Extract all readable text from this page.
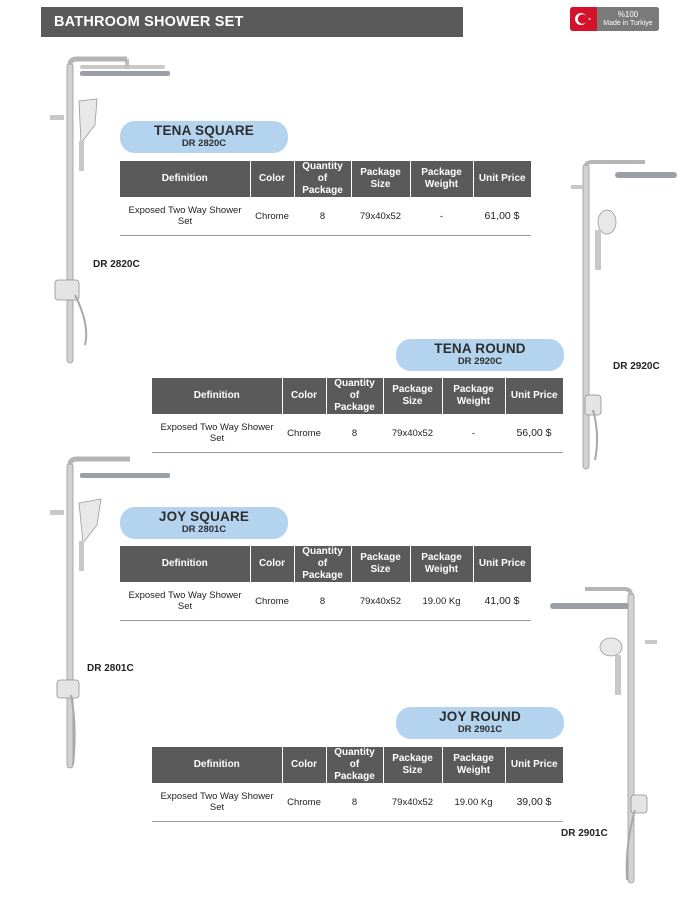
BATHROOM SHOWER SET	%100
Made in Turkiye
TENA SQUARE
DR 2820C
Definition	Color	Quantity of Package	Package Size	Package Weight	Unit Price
Exposed Two Way Shower Set	Chrome	8	79x40x52	-	61,00 $
DR 2820C
TENA ROUND
DR 2920C
Definition	Color	Quantity of Package	Package Size	Package Weight	Unit Price
Exposed Two Way Shower Set	Chrome	8	79x40x52	-	56,00 $
DR 2920C
JOY SQUARE
DR 2801C
Definition	Color	Quantity of Package	Package Size	Package Weight	Unit Price
Exposed Two Way Shower Set	Chrome	8	79x40x52	19.00 Kg	41,00 $
DR 2801C
JOY ROUND
DR 2901C
Definition	Color	Quantity of Package	Package Size	Package Weight	Unit Price
Exposed Two Way Shower Set	Chrome	8	79x40x52	19.00 Kg	39,00 $
DR 2901C
